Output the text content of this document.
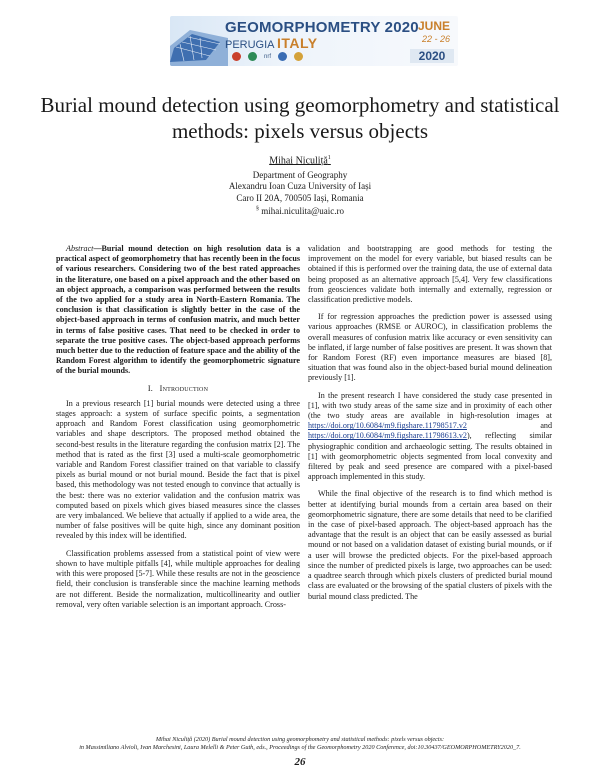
GEOMORPHOMETRY 2020
PERUGIA ITALY
nrf
JUNE
22 - 26
2020
Burial mound detection using geomorphometry and statistical methods: pixels versus objects
Mihai Niculiță$^1$
Department of Geography
Alexandru Ioan Cuza University of Iași
Caro II 20A, 700505 Iași, Romania
§ mihai.niculita@uaic.ro

Abstract—Burial mound detection on high resolution data is a practical aspect of geomorphometry that has recently been in the focus of various researchers. Considering two of the best rated approaches in the literature, one based on a pixel approach and the other based on an object approach, a comparison was performed between the results of the two applied for a study area in North-Eastern Romania. The conclusion is that classification is slightly better in the case of the object-based approach in terms of confusion matrix, and much better in terms of false positive cases. That need to be checked in order to separate the true positive cases. The object-based approach performs much better due to the reduction of feature space and the ability of the Random Forest algorithm to identify the geomorphometric signature of the burial mounds.

I. Introduction

In a previous research [1] burial mounds were detected using a three stages approach: a system of surface specific points, a segmentation approach and Random Forest classification using geomorphometric variables and shape descriptors. The proposed method obtained the second-best results in the literature regarding the confusion matrix [2]. The method that is rated as the first [3] used a multi-scale geomorphometric variable and Random Forest classifier trained on that variable to classify pixels as burial mound or not burial mound. Beside the fact that is pixel based, this methodology was not tested enough to convince that actually is the best: there was no exterior validation and the confusion matrix was computed based on pixels which gives biased measures since the classes are very imbalanced. We believe that actually if applied to a wide area, the number of false positives will be quite high, since any dominant position revealed by this index will be identified.

Classification problems assessed from a statistical point of view were shown to have multiple pitfalls [4], while multiple approaches for dealing with this were proposed [5-7]. While these results are not in the geoscience field, their conclusion is transferable since the machine learning methods are not different. Beside the normalization, multicollinearity and outlier removal, very often variable selection is an important approach. Cross-

validation and bootstrapping are good methods for testing the improvement on the model for every variable, but biased results can be obtained if this is performed over the training data, the use of external data being proposed as an alternative approach [5,4]. Very few classifications from geosciences validate both internally and externally, regression or classification predictive models.

If for regression approaches the prediction power is assessed using various approaches (RMSE or AUROC), in classification problems the overall measures of confusion matrix like accuracy or even sensitivity can be inflated, if large number of false positives are present. It was shown that for Random Forest (RF) even importance measures are biased [8], situation that was found also in the object-based burial mound delineation previously [1].

In the present research I have considered the study case presented in [1], with two study areas of the same size and in proximity of each other (the two study areas are available in high-resolution images at https://doi.org/10.6084/m9.figshare.11798517.v2	and https://doi.org/10.6084/m9.figshare.11798613.v2), reflecting similar physiographic condition and archaeologic setting. The results obtained in [1] with geomorphometric objects segmented from local convexity and filtered by peak and seed presence are compared with a pixel-based approach implemented in this study.

While the final objective of the research is to find which method is better at identifying burial mounds from a certain area based on their geomorphometric signature, there are some details that need to be clarified in the case of pixel-based approach. The object-based approach has the advantage that the result is an object that can be easily assessed as burial mound or not based on a validation dataset of existing burial mounds, or if a user will browse the predicted objects. For the pixel-based approach since the number of predicted pixels is large, two approaches can be used: a quadtree search through which pixels clusters of predicted burial mound class are evaluated or the browsing of the spatial clusters of pixels with the burial mound class predicted. The

Mihai Niculiță (2020) Burial mound detection using geomorphometry and statistical methods: pixels versus objects:
in Massimiliano Alvioli, Ivan Marchesini, Laura Melelli & Peter Guth, eds., Proceedings of the Geomorphometry 2020 Conference, doi:10.30437/GEOMORPHOMETRY2020_7.
26
